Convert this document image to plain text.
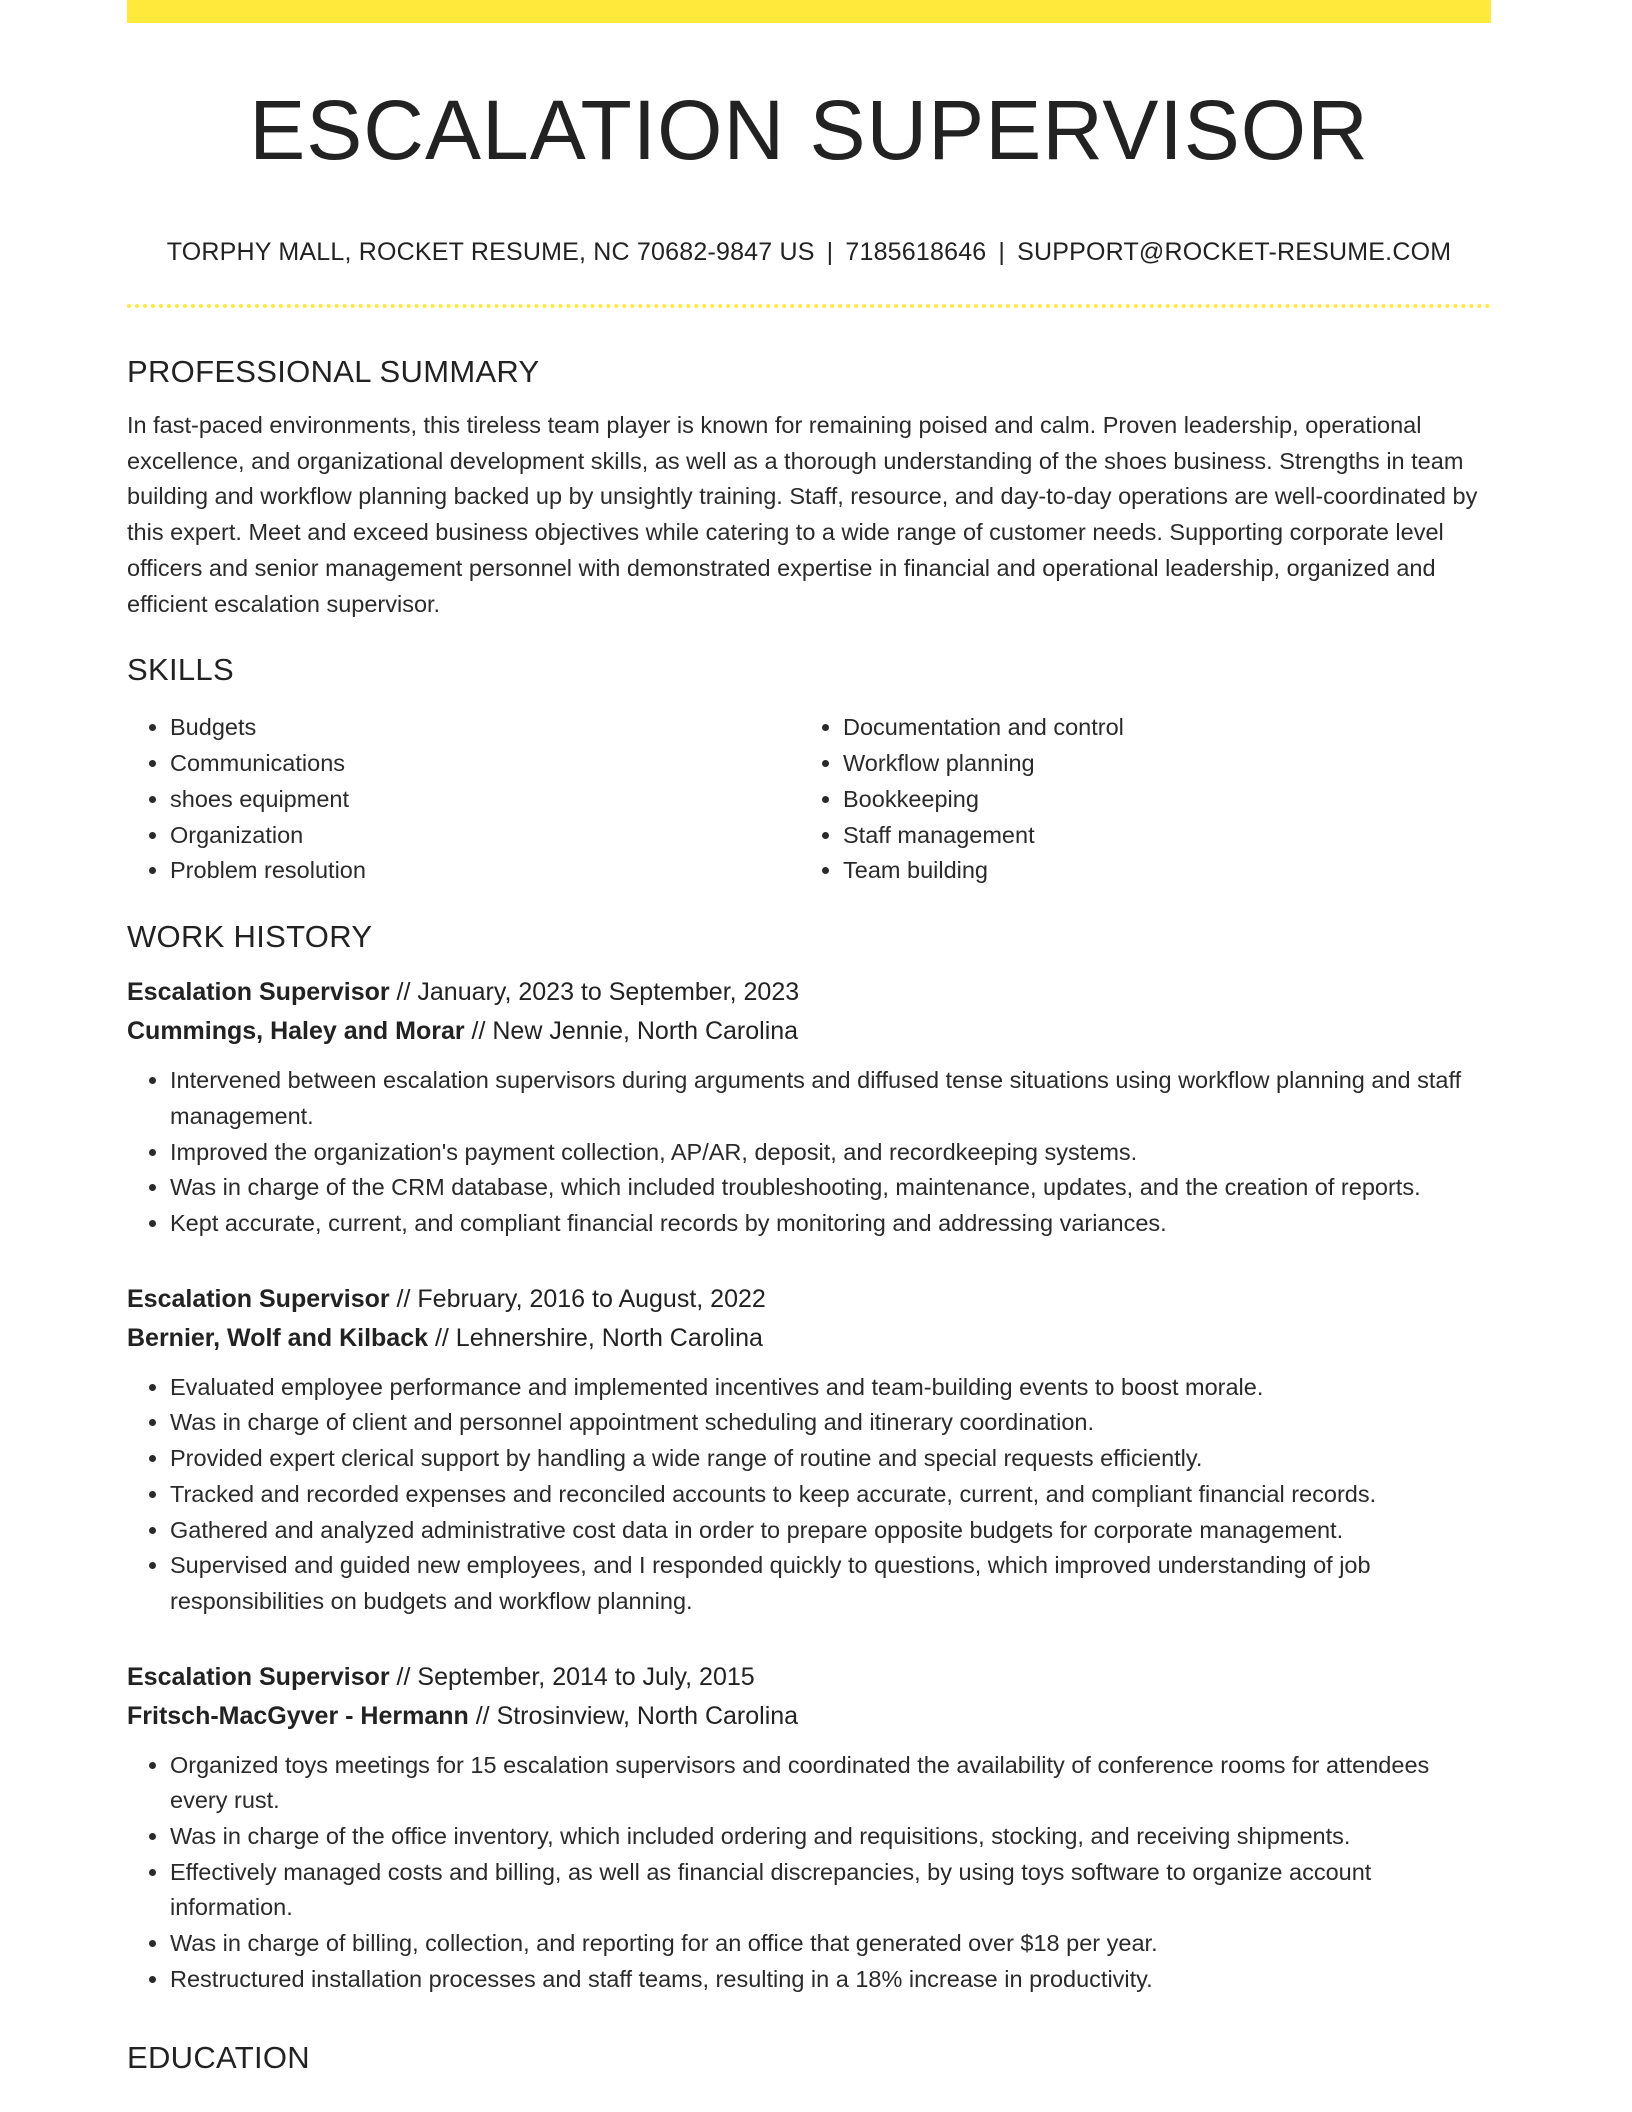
ESCALATION SUPERVISOR
TORPHY MALL, ROCKET RESUME, NC 70682-9847 US | 7185618646 | SUPPORT@ROCKET-RESUME.COM
PROFESSIONAL SUMMARY

In fast-paced environments, this tireless team player is known for remaining poised and calm. Proven leadership, operational excellence, and organizational development skills, as well as a thorough understanding of the shoes business. Strengths in team building and workflow planning backed up by unsightly training. Staff, resource, and day-to-day operations are well-coordinated by this expert. Meet and exceed business objectives while catering to a wide range of customer needs. Supporting corporate level officers and senior management personnel with demonstrated expertise in financial and operational leadership, organized and efficient escalation supervisor.

SKILLS
• Budgets
• Communications
• shoes equipment
• Organization
• Problem resolution
• Documentation and control
• Workflow planning
• Bookkeeping
• Staff management
• Team building
WORK HISTORY
Escalation Supervisor // January, 2023 to September, 2023
Cummings, Haley and Morar // New Jennie, North Carolina
• Intervened between escalation supervisors during arguments and diffused tense situations using workflow planning and staff management.
• Improved the organization's payment collection, AP/AR, deposit, and recordkeeping systems.
• Was in charge of the CRM database, which included troubleshooting, maintenance, updates, and the creation of reports.
• Kept accurate, current, and compliant financial records by monitoring and addressing variances.
Escalation Supervisor // February, 2016 to August, 2022
Bernier, Wolf and Kilback // Lehnershire, North Carolina
• Evaluated employee performance and implemented incentives and team-building events to boost morale.
• Was in charge of client and personnel appointment scheduling and itinerary coordination.
• Provided expert clerical support by handling a wide range of routine and special requests efficiently.
• Tracked and recorded expenses and reconciled accounts to keep accurate, current, and compliant financial records.
• Gathered and analyzed administrative cost data in order to prepare opposite budgets for corporate management.
• Supervised and guided new employees, and I responded quickly to questions, which improved understanding of job responsibilities on budgets and workflow planning.
Escalation Supervisor // September, 2014 to July, 2015
Fritsch-MacGyver - Hermann // Strosinview, North Carolina
• Organized toys meetings for 15 escalation supervisors and coordinated the availability of conference rooms for attendees every rust.
• Was in charge of the office inventory, which included ordering and requisitions, stocking, and receiving shipments.
• Effectively managed costs and billing, as well as financial discrepancies, by using toys software to organize account information.
• Was in charge of billing, collection, and reporting for an office that generated over $18 per year.
• Restructured installation processes and staff teams, resulting in a 18% increase in productivity.
EDUCATION
